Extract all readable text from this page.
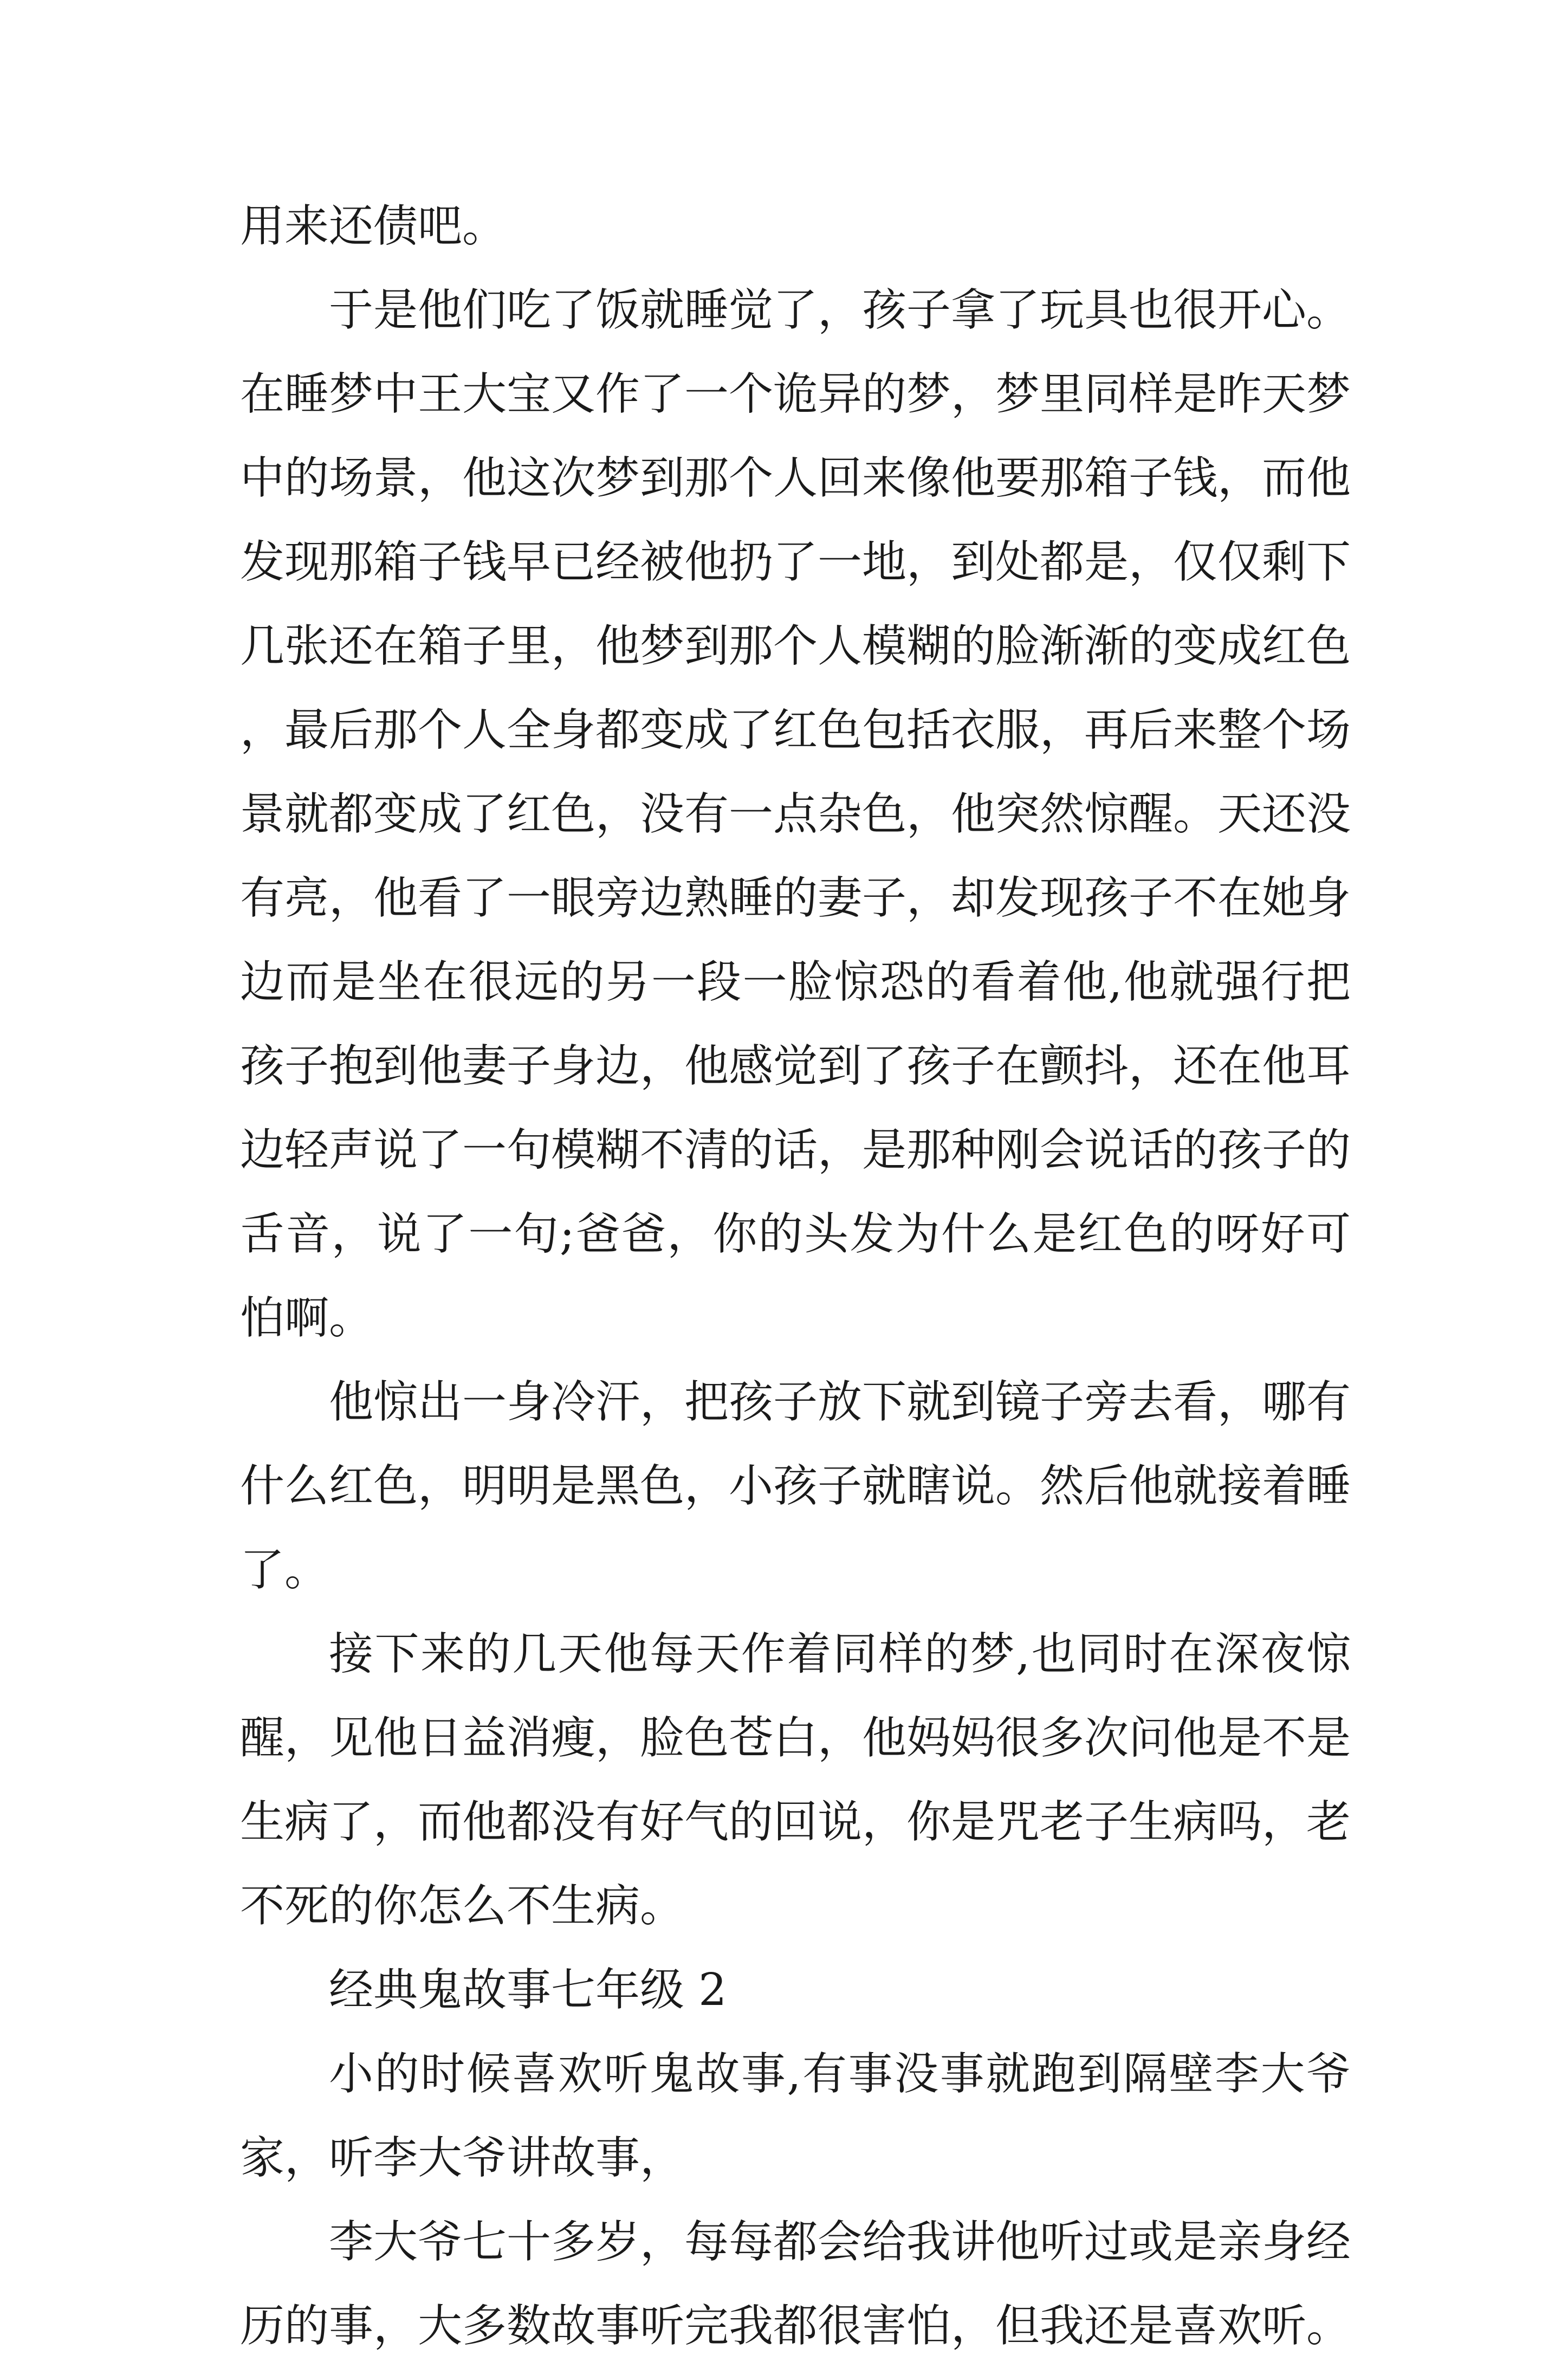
用来还债吧。

于是他们吃了饭就睡觉了，孩子拿了玩具也很开心。在睡梦中王大宝又作了一个诡异的梦，梦里同样是昨天梦中的场景，他这次梦到那个人回来像他要那箱子钱，而他发现那箱子钱早已经被他扔了一地，到处都是，仅仅剩下几张还在箱子里，他梦到那个人模糊的脸渐渐的变成红色，最后那个人全身都变成了红色包括衣服，再后来整个场景就都变成了红色，没有一点杂色，他突然惊醒。天还没有亮，他看了一眼旁边熟睡的妻子，却发现孩子不在她身边而是坐在很远的另一段一脸惊恐的看着他,他就强行把孩子抱到他妻子身边，他感觉到了孩子在颤抖，还在他耳边轻声说了一句模糊不清的话，是那种刚会说话的孩子的舌音，说了一句;爸爸，你的头发为什么是红色的呀好可怕啊。

他惊出一身冷汗，把孩子放下就到镜子旁去看，哪有什么红色，明明是黑色，小孩子就瞎说。然后他就接着睡了。

接下来的几天他每天作着同样的梦,也同时在深夜惊醒，见他日益消瘦，脸色苍白，他妈妈很多次问他是不是生病了，而他都没有好气的回说，你是咒老子生病吗，老不死的你怎么不生病。

经典鬼故事七年级 2

小的时候喜欢听鬼故事,有事没事就跑到隔壁李大爷家，听李大爷讲故事，

李大爷七十多岁，每每都会给我讲他听过或是亲身经历的事，大多数故事听完我都很害怕，但我还是喜欢听。
